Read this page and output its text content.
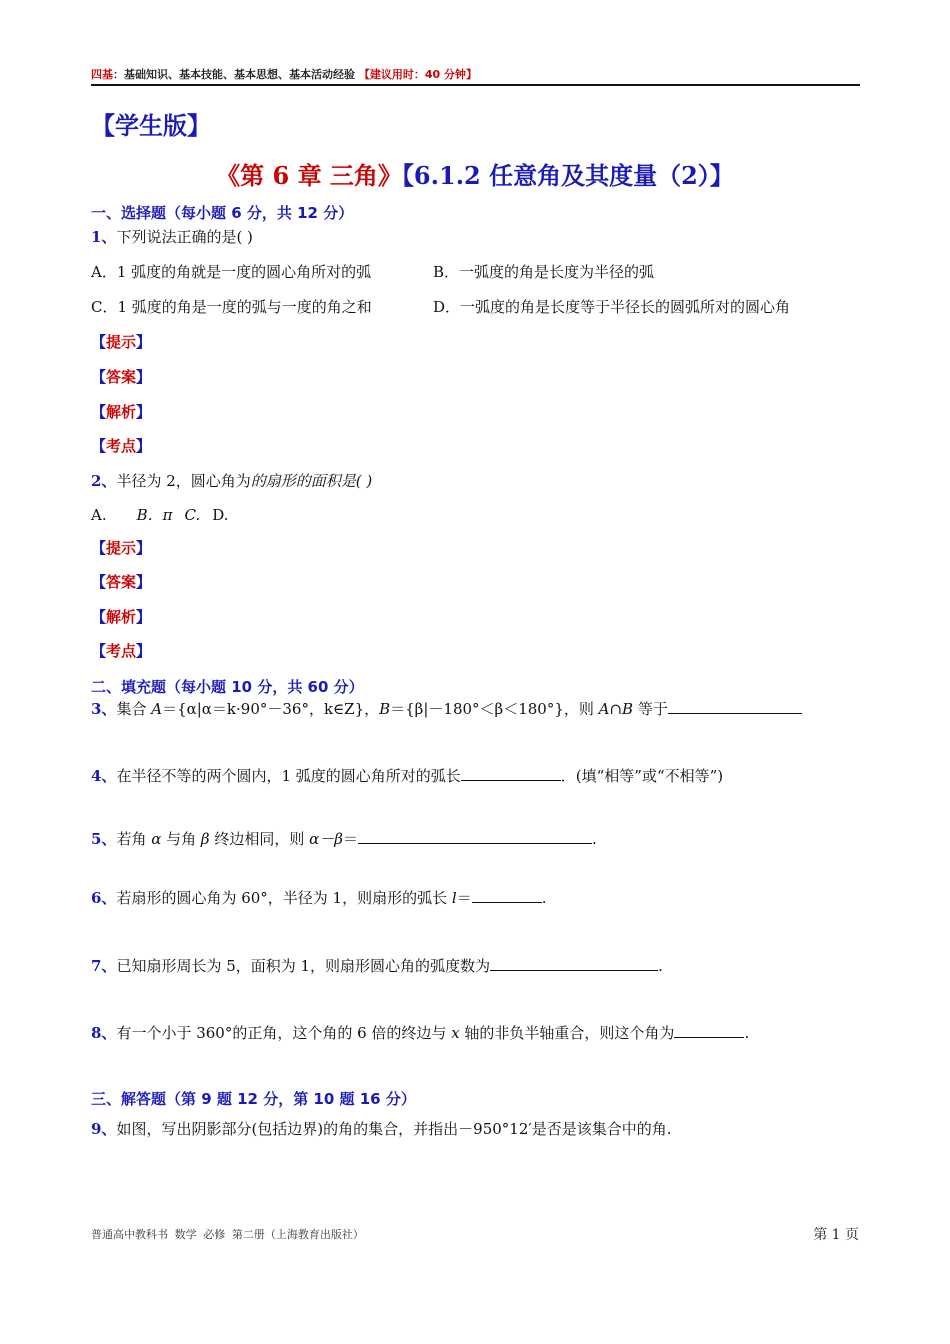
四基：基础知识、基本技能、基本思想、基本活动经验 【建议用时：40 分钟】
【学生版】
《第 6 章 三角》【6.1.2 任意角及其度量（2）】
一、选择题（每小题 6 分，共 12 分）
1、下列说法正确的是( )
A．1 弧度的角就是一度的圆心角所对的弧	B．一弧度的角是长度为半径的弧
C．1 弧度的角是一度的弧与一度的角之和	D．一弧度的角是长度等于半径长的圆弧所对的圆心角
【提示】
【答案】
【解析】
【考点】
2、半径为 2，圆心角为的扇形的面积是( )
A. B．π C. D.
【提示】
【答案】
【解析】
【考点】
二、填充题（每小题 10 分，共 60 分）
3、集合 A＝{α|α＝k·90°－36°，k∈Z}，B＝{β|－180°＜β＜180°}，则 A∩B 等于
4、在半径不等的两个圆内，1 弧度的圆心角所对的弧长	．(填“相等”或“不相等”)
5、若角 α 与角 β 终边相同，则 α－β＝	.
6、若扇形的圆心角为 60°，半径为 1，则扇形的弧长 l＝	.
7、已知扇形周长为 5，面积为 1，则扇形圆心角的弧度数为	.
8、有一个小于 360°的正角，这个角的 6 倍的终边与 x 轴的非负半轴重合，则这个角为	.
三、解答题（第 9 题 12 分，第 10 题 16 分）
9、如图，写出阴影部分(包括边界)的角的集合，并指出－950°12′是否是该集合中的角.
普通高中教科书 数学 必修 第二册（上海教育出版社）	第 1 页
